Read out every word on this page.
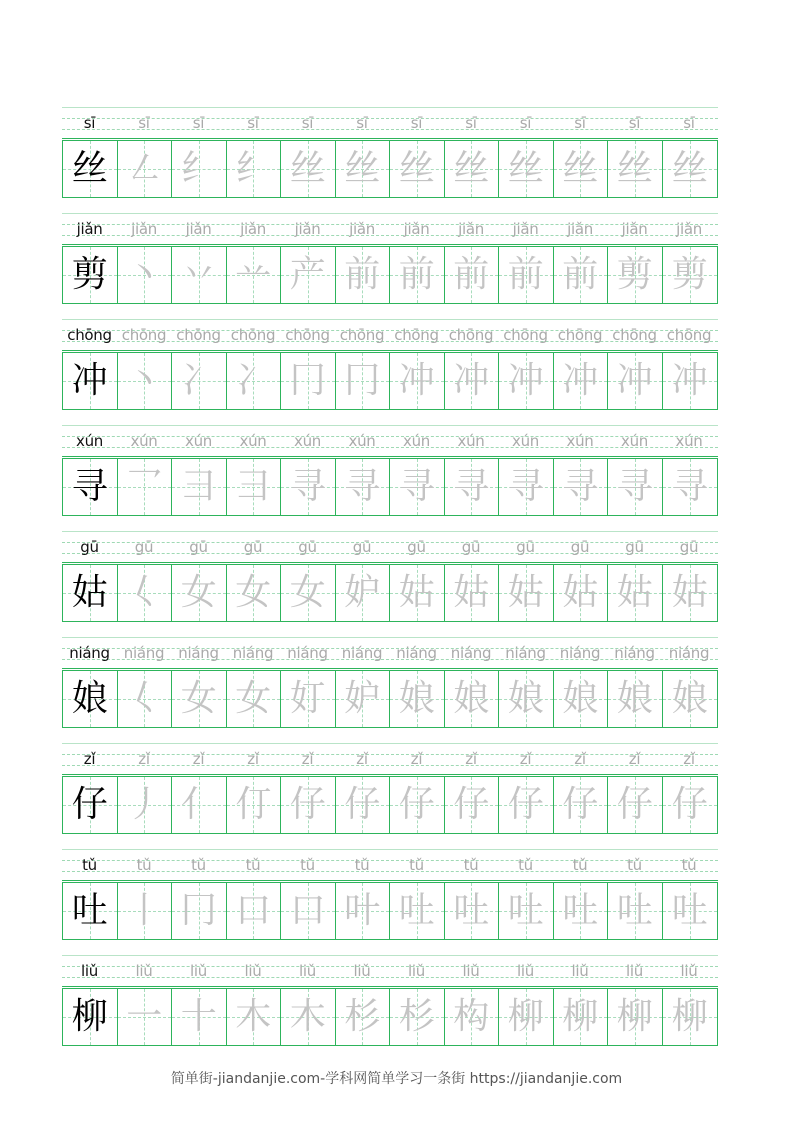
sī	sī	sī	sī	sī	sī	sī	sī	sī	sī	sī	sī
丝 ㇜ 纟 纟 丝 丝 丝 丝 丝 丝 丝 丝
jiǎn	jiǎn	jiǎn	jiǎn	jiǎn	jiǎn	jiǎn	jiǎn	jiǎn	jiǎn	jiǎn	jiǎn
剪 丶 丷 䒑 产 前 前 前 前 前 剪 剪
chōng chōng chōng chōng chōng chōng chōng chōng chōng chōng chōng chōng
冲 丶 冫 冫 冂 冂 冲 冲 冲 冲 冲 冲
xún	xún	xún	xún	xún	xún	xún	xún	xún	xún	xún	xún
寻 乛 彐 彐 寻 寻 寻 寻 寻 寻 寻 寻
gū	gū	gū	gū	gū	gū	gū	gū	gū	gū	gū	gū
姑 𡿨 女 女 女 妒 姑 姑 姑 姑 姑 姑
niáng niáng niáng niáng niáng niáng niáng niáng niáng niáng niáng niáng
娘 𡿨 女 女 奵 妒 娘 娘 娘 娘 娘 娘
zǐ	zǐ	zǐ	zǐ	zǐ	zǐ	zǐ	zǐ	zǐ	zǐ	zǐ	zǐ
仔 丿 亻 仃 仔 仔 仔 仔 仔 仔 仔 仔
tǔ	tǔ	tǔ	tǔ	tǔ	tǔ	tǔ	tǔ	tǔ	tǔ	tǔ	tǔ
吐 丨 冂 口 口 叶 吐 吐 吐 吐 吐 吐
liǔ	liǔ	liǔ	liǔ	liǔ	liǔ	liǔ	liǔ	liǔ	liǔ	liǔ	liǔ
柳 一 十 木 木 杉 杉 构 柳 柳 柳 柳
简单街-jiandanjie.com-学科网简单学习一条街 https://jiandanjie.com
